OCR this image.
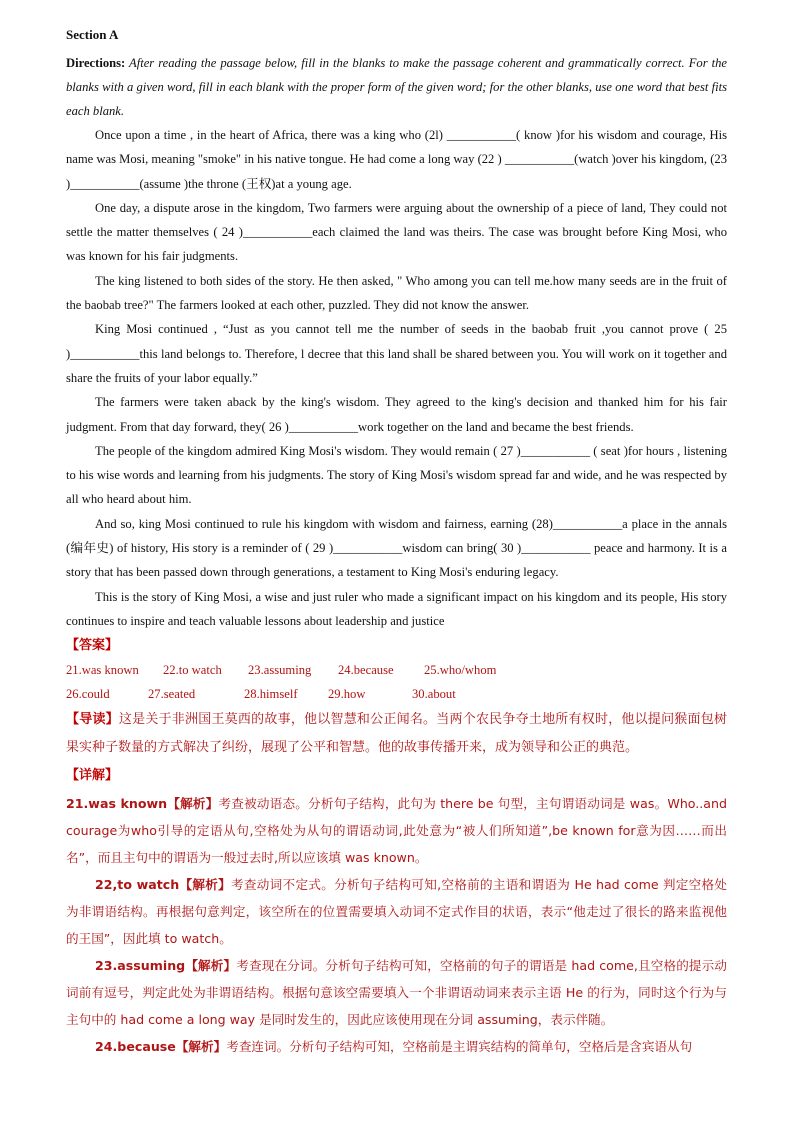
Section A

Directions: After reading the passage below, fill in the blanks to make the passage coherent and grammatically correct. For the blanks with a given word, fill in each blank with the proper form of the given word; for the other blanks, use one word that best fits each blank.

Once upon a time , in the heart of Africa, there was a king who (2l) ___________( know )for his wisdom and courage, His name was Mosi, meaning "smoke" in his native tongue. He had come a long way (22 ) ___________(watch )over his kingdom, (23 )___________(assume )the throne (王权)at a young age.

One day, a dispute arose in the kingdom, Two farmers were arguing about the ownership of a piece of land, They could not settle the matter themselves ( 24 )___________each claimed the land was theirs. The case was brought before King Mosi, who was known for his fair judgments.

The king listened to both sides of the story. He then asked, " Who among you can tell me.how many seeds are in the fruit of the baobab tree?" The farmers looked at each other, puzzled. They did not know the answer.

King Mosi continued , “Just as you cannot tell me the number of seeds in the baobab fruit ,you cannot prove ( 25 )___________this land belongs to. Therefore, l decree that this land shall be shared between you. You will work on it together and share the fruits of your labor equally.”

The farmers were taken aback by the king's wisdom. They agreed to the king's decision and thanked him for his fair judgment. From that day forward, they( 26 )___________work together on the land and became the best friends.

The people of the kingdom admired King Mosi's wisdom. They would remain ( 27 )___________ ( seat )for hours , listening to his wise words and learning from his judgments. The story of King Mosi's wisdom spread far and wide, and he was respected by all who heard about him.

And so, king Mosi continued to rule his kingdom with wisdom and fairness, earning (28)___________a place in the annals (编年史) of history, His story is a reminder of ( 29 )___________wisdom can bring( 30 )___________ peace and harmony. It is a story that has been passed down through generations, a testament to King Mosi's enduring legacy.

This is the story of King Mosi, a wise and just ruler who made a significant impact on his kingdom and its people, His story continues to inspire and teach valuable lessons about leadership and justice

【答案】
21.was known	22.to watch	23.assuming	24.because	25.who/whom
26.could	27.seated	28.himself	29.how	30.about

【导读】这是关于非洲国王莫西的故事，他以智慧和公正闻名。当两个农民争夺土地所有权时，他以提问猴面包树果实种子数量的方式解决了纠纷，展现了公平和智慧。他的故事传播开来，成为领导和公正的典范。

【详解】

21.was known【解析】考查被动语态。分析句子结构，此句为 there be 句型，主句谓语动词是 was。Who..and courage为who引导的定语从句,空格处为从句的谓语动词,此处意为“被人们所知道”,be known for意为因……而出名”，而且主句中的谓语为一般过去时,所以应该填 was known。

22,to watch【解析】考查动词不定式。分析句子结构可知,空格前的主语和谓语为 He had come 判定空格处为非谓语结构。再根据句意判定，该空所在的位置需要填入动词不定式作目的状语，表示“他走过了很长的路来监视他的王国”，因此填 to watch。

23.assuming【解析】考查现在分词。分析句子结构可知，空格前的句子的谓语是 had come,且空格的提示动词前有逗号，判定此处为非谓语结构。根据句意该空需要填入一个非谓语动词来表示主语 He 的行为，同时这个行为与主句中的 had come a long way 是同时发生的，因此应该使用现在分词 assuming，表示伴随。

24.because【解析】考查连词。分析句子结构可知，空格前是主谓宾结构的简单句，空格后是含宾语从句
